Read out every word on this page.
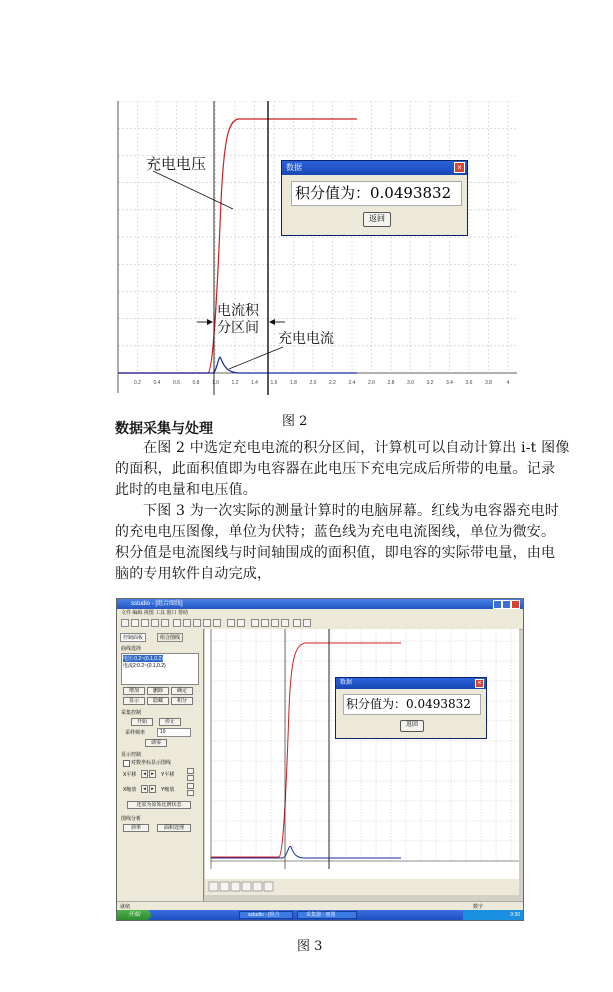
0.2	0.4	0.6	0.8	1.0	1.2	1.4	1.6	1.8	2.0	2.2	2.4	2.6	2.8	3.0	3.2	3.4	3.6	3.8	4
充电电压
电流积
分区间
充电电流
数据	×
积分值为：0.0493832
返回
图 2
数据采集与处理
在图 2 中选定充电电流的积分区间，计算机可以自动计算出 i-t 图像
的面积，此面积值即为电容器在此电压下充电完成后所带的电量。记录
此时的电量和电压值。
下图 3 为一次实际的测量计算时的电脑屏幕。红线为电容器充电时
的充电电压图像，单位为伏特；蓝色线为充电电流图线，单位为微安。
积分值是电流图线与时间轴围成的面积值，即电容的实际带电量，由电
脑的专用软件自动完成，
sstudio - [组合图线]
文件 编辑 视图 工具 窗口 帮助
控制面板	组合图线
曲线选择
电压:0.2~(0.1,0.2)
电流2:0.2~(0.1,0.2)
增加	删除	确定
显示	隐藏	积分
采集控制
开始	停止
采样频率	10
调零
显示控制
对数坐标显示图线
X平移	◂	▸	Y平移
X缩放	◂	▸	Y缩放
还原为原始比例状态
图线分析
斜率	面积处理
数据	×
积分值为：0.0493832
返回
就绪	数字
开始	sstudio - [组合	采集器 - 画图	9:30
图 3
